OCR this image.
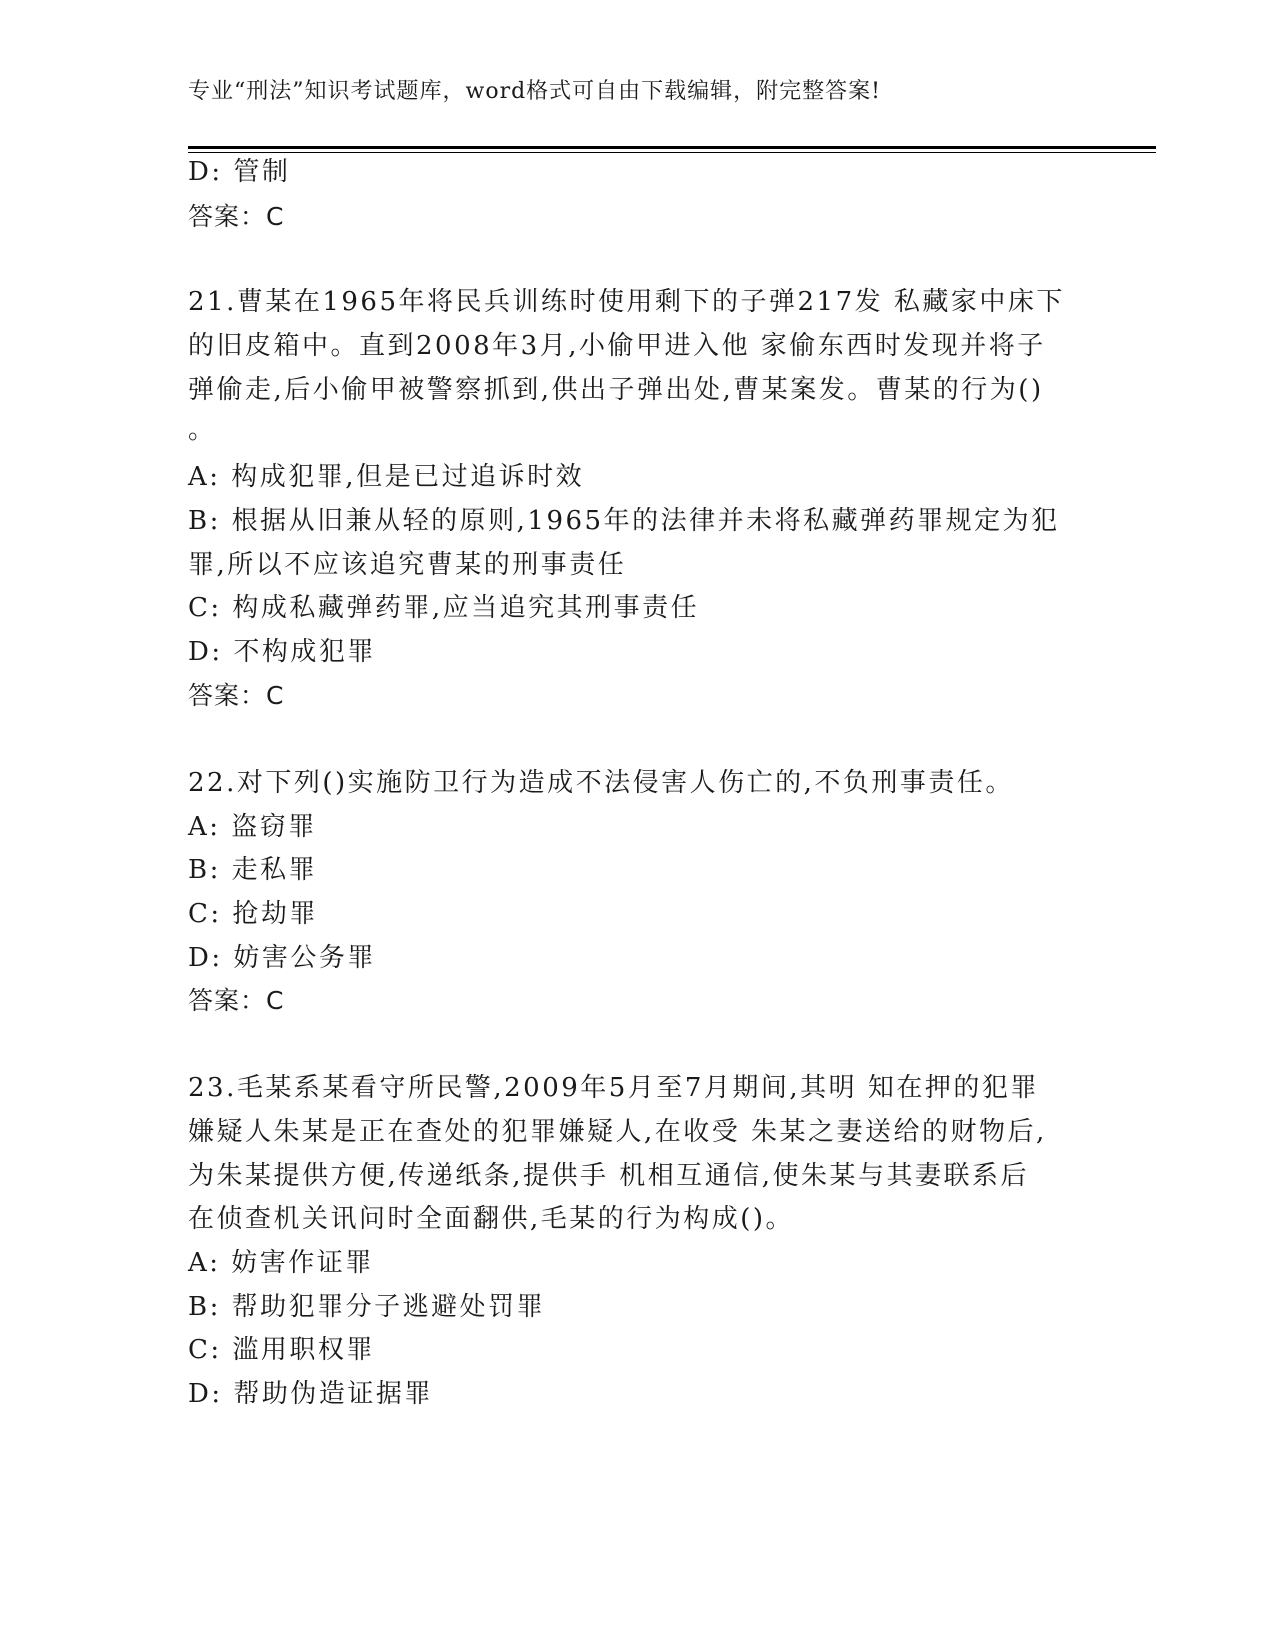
专业“刑法”知识考试题库，word格式可自由下载编辑，附完整答案!
D: 管制
答案：C
21.曹某在1965年将民兵训练时使用剩下的子弹217发 私藏家中床下
的旧皮箱中。直到2008年3月,小偷甲进入他 家偷东西时发现并将子
弹偷走,后小偷甲被警察抓到,供出子弹出处,曹某案发。曹某的行为()
。
A: 构成犯罪,但是已过追诉时效
B: 根据从旧兼从轻的原则,1965年的法律并未将私藏弹药罪规定为犯
罪,所以不应该追究曹某的刑事责任
C: 构成私藏弹药罪,应当追究其刑事责任
D: 不构成犯罪
答案：C
22.对下列()实施防卫行为造成不法侵害人伤亡的,不负刑事责任。
A: 盗窃罪
B: 走私罪
C: 抢劫罪
D: 妨害公务罪
答案：C
23.毛某系某看守所民警,2009年5月至7月期间,其明 知在押的犯罪
嫌疑人朱某是正在查处的犯罪嫌疑人,在收受 朱某之妻送给的财物后,
为朱某提供方便,传递纸条,提供手 机相互通信,使朱某与其妻联系后
在侦查机关讯问时全面翻供,毛某的行为构成()。
A: 妨害作证罪
B: 帮助犯罪分子逃避处罚罪
C: 滥用职权罪
D: 帮助伪造证据罪
